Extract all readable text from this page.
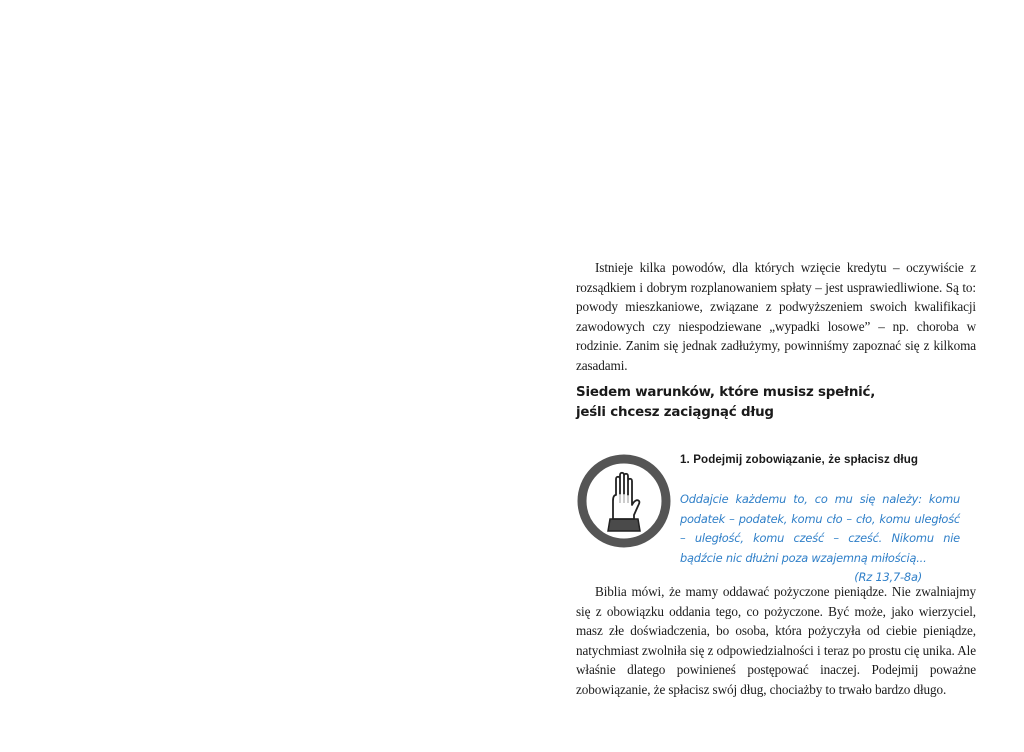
Istnieje kilka powodów, dla których wzięcie kredytu – oczywiście z rozsądkiem i dobrym rozplanowaniem spłaty – jest usprawiedliwione. Są to: powody mieszkaniowe, związane z podwyższeniem swoich kwalifikacji zawodowych czy niespodziewane „wypadki losowe” – np. choroba w rodzinie. Zanim się jednak zadłużymy, powinniśmy zapoznać się z kilkoma zasadami.

Siedem warunków, które musisz spełnić,
jeśli chcesz zaciągnąć dług
1. Podejmij zobowiązanie, że spłacisz dług

Oddajcie każdemu to, co mu się należy: komu podatek – podatek, komu cło – cło, komu uległość – uległość, komu cześć – cześć. Nikomu nie bądźcie nic dłużni poza wzajemną miłością...
(Rz 13,7-8a)

Biblia mówi, że mamy oddawać pożyczone pieniądze. Nie zwalniajmy się z obowiązku oddania tego, co pożyczone. Być może, jako wierzyciel, masz złe doświadczenia, bo osoba, która pożyczyła od ciebie pieniądze, natychmiast zwolniła się z odpowiedzialności i teraz po prostu cię unika. Ale właśnie dlatego powinieneś postępować inaczej. Podejmij poważne zobowiązanie, że spłacisz swój dług, chociażby to trwało bardzo długo.
